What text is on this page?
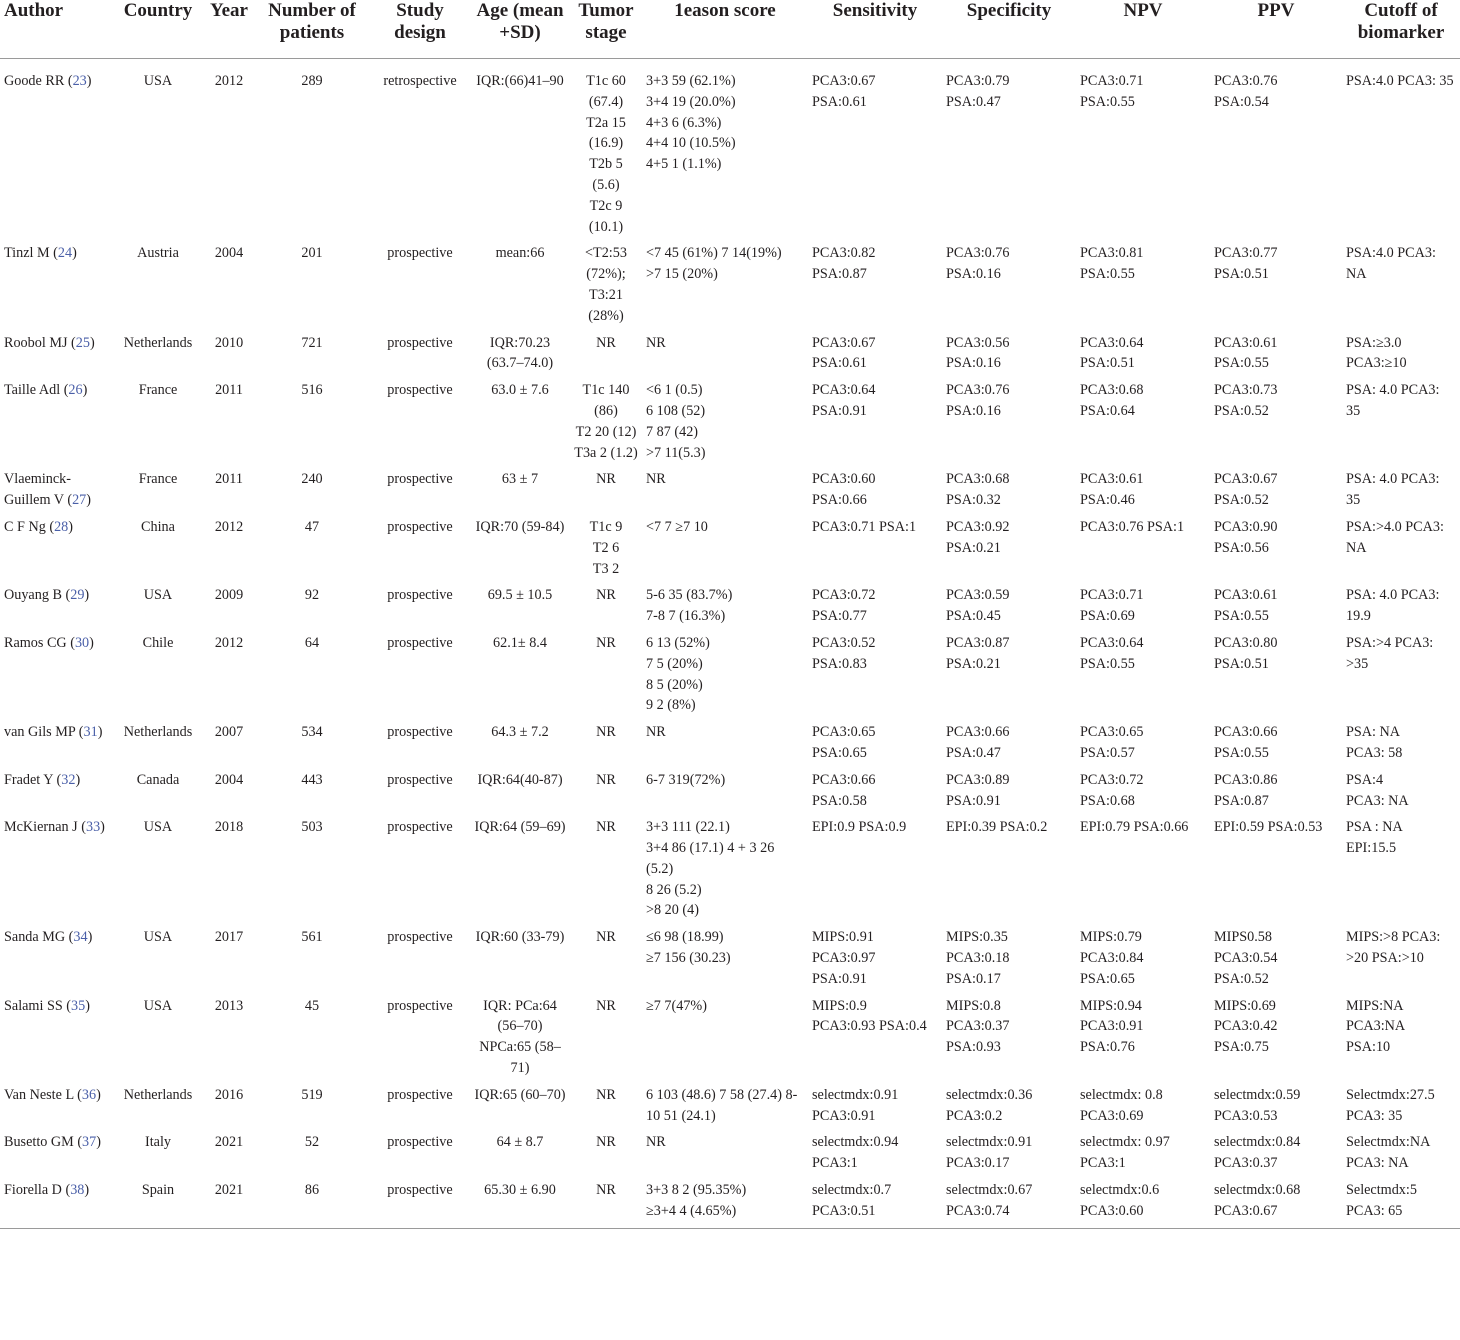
Author	Country	Year	Number of patients	Study design	Age (mean +SD)	Tumor stage	1eason score	Sensitivity	Specificity	NPV	PPV	Cutoff of biomarker
Goode RR (23)	USA	2012	289	retrospective	IQR:(66)41–90	T1c 60 (67.4)
T2a 15 (16.9)
T2b 5 (5.6)
T2c 9 (10.1)	3+3 59 (62.1%)
3+4 19 (20.0%)
4+3 6 (6.3%)
4+4 10 (10.5%)
4+5 1 (1.1%)	PCA3:0.67
PSA:0.61	PCA3:0.79
PSA:0.47	PCA3:0.71
PSA:0.55	PCA3:0.76
PSA:0.54	PSA:4.0 PCA3: 35

Tinzl M (24)	Austria	2004	201	prospective	mean:66	<T2:53 (72%);
T3:21 (28%)	<7 45 (61%) 7 14(19%)
>7 15 (20%)	PCA3:0.82
PSA:0.87	PCA3:0.76
PSA:0.16	PCA3:0.81
PSA:0.55	PCA3:0.77
PSA:0.51	PSA:4.0 PCA3: NA

Roobol MJ (25)	Netherlands	2010	721	prospective	IQR:70.23 (63.7–74.0)	NR	NR	PCA3:0.67
PSA:0.61	PCA3:0.56
PSA:0.16	PCA3:0.64
PSA:0.51	PCA3:0.61
PSA:0.55	PSA:≥3.0
PCA3:≥10

Taille Adl (26)	France	2011	516	prospective	63.0 ± 7.6	T1c 140 (86)
T2 20 (12)
T3a 2 (1.2)	<6 1 (0.5)
6 108 (52)
7 87 (42)
>7 11(5.3)	PCA3:0.64
PSA:0.91	PCA3:0.76
PSA:0.16	PCA3:0.68
PSA:0.64	PCA3:0.73
PSA:0.52	PSA: 4.0 PCA3: 35

Vlaeminck-Guillem V (27)	France	2011	240	prospective	63 ± 7	NR	NR	PCA3:0.60
PSA:0.66	PCA3:0.68
PSA:0.32	PCA3:0.61
PSA:0.46	PCA3:0.67
PSA:0.52	PSA: 4.0 PCA3: 35

C F Ng (28)	China	2012	47	prospective	IQR:70 (59-84)	T1c 9
T2 6
T3 2	<7 7 ≥7 10	PCA3:0.71 PSA:1	PCA3:0.92
PSA:0.21	PCA3:0.76 PSA:1	PCA3:0.90
PSA:0.56	PSA:>4.0 PCA3: NA

Ouyang B (29)	USA	2009	92	prospective	69.5 ± 10.5	NR	5-6 35 (83.7%)
7-8 7 (16.3%)	PCA3:0.72
PSA:0.77	PCA3:0.59
PSA:0.45	PCA3:0.71
PSA:0.69	PCA3:0.61
PSA:0.55	PSA: 4.0 PCA3: 19.9

Ramos CG (30)	Chile	2012	64	prospective	62.1± 8.4	NR	6 13 (52%)
7 5 (20%)
8 5 (20%)
9 2 (8%)	PCA3:0.52
PSA:0.83	PCA3:0.87
PSA:0.21	PCA3:0.64
PSA:0.55	PCA3:0.80
PSA:0.51	PSA:>4 PCA3: >35

van Gils MP (31)	Netherlands	2007	534	prospective	64.3 ± 7.2	NR	NR	PCA3:0.65
PSA:0.65	PCA3:0.66
PSA:0.47	PCA3:0.65
PSA:0.57	PCA3:0.66
PSA:0.55	PSA: NA
PCA3: 58

Fradet Y (32)	Canada	2004	443	prospective	IQR:64(40-87)	NR	6-7 319(72%)	PCA3:0.66
PSA:0.58	PCA3:0.89
PSA:0.91	PCA3:0.72
PSA:0.68	PCA3:0.86
PSA:0.87	PSA:4
PCA3: NA

McKiernan J (33)	USA	2018	503	prospective	IQR:64 (59–69)	NR	3+3 111 (22.1)
3+4 86 (17.1) 4 + 3 26 (5.2)
8 26 (5.2)
>8 20 (4)	EPI:0.9 PSA:0.9	EPI:0.39 PSA:0.2	EPI:0.79 PSA:0.66	EPI:0.59 PSA:0.53	PSA : NA
EPI:15.5

Sanda MG (34)	USA	2017	561	prospective	IQR:60 (33-79)	NR	≤6 98 (18.99)
≥7 156 (30.23)	MIPS:0.91
PCA3:0.97
PSA:0.91	MIPS:0.35
PCA3:0.18
PSA:0.17	MIPS:0.79
PCA3:0.84
PSA:0.65	MIPS0.58
PCA3:0.54
PSA:0.52	MIPS:>8 PCA3: >20 PSA:>10

Salami SS (35)	USA	2013	45	prospective	IQR: PCa:64 (56–70) NPCa:65 (58–71)	NR	≥7 7(47%)	MIPS:0.9
PCA3:0.93 PSA:0.4	MIPS:0.8
PCA3:0.37
PSA:0.93	MIPS:0.94
PCA3:0.91
PSA:0.76	MIPS:0.69
PCA3:0.42
PSA:0.75	MIPS:NA
PCA3:NA
PSA:10

Van Neste L (36)	Netherlands	2016	519	prospective	IQR:65 (60–70)	NR	6 103 (48.6) 7 58 (27.4) 8-10 51 (24.1)	selectmdx:0.91
PCA3:0.91	selectmdx:0.36
PCA3:0.2	selectmdx: 0.8
PCA3:0.69	selectmdx:0.59
PCA3:0.53	Selectmdx:27.5
PCA3: 35

Busetto GM (37)	Italy	2021	52	prospective	64 ± 8.7	NR	NR	selectmdx:0.94
PCA3:1	selectmdx:0.91
PCA3:0.17	selectmdx: 0.97
PCA3:1	selectmdx:0.84
PCA3:0.37	Selectmdx:NA
PCA3: NA

Fiorella D (38)	Spain	2021	86	prospective	65.30 ± 6.90	NR	3+3 8 2 (95.35%)
≥3+4 4 (4.65%)	selectmdx:0.7
PCA3:0.51	selectmdx:0.67
PCA3:0.74	selectmdx:0.6
PCA3:0.60	selectmdx:0.68
PCA3:0.67	Selectmdx:5
PCA3: 65
